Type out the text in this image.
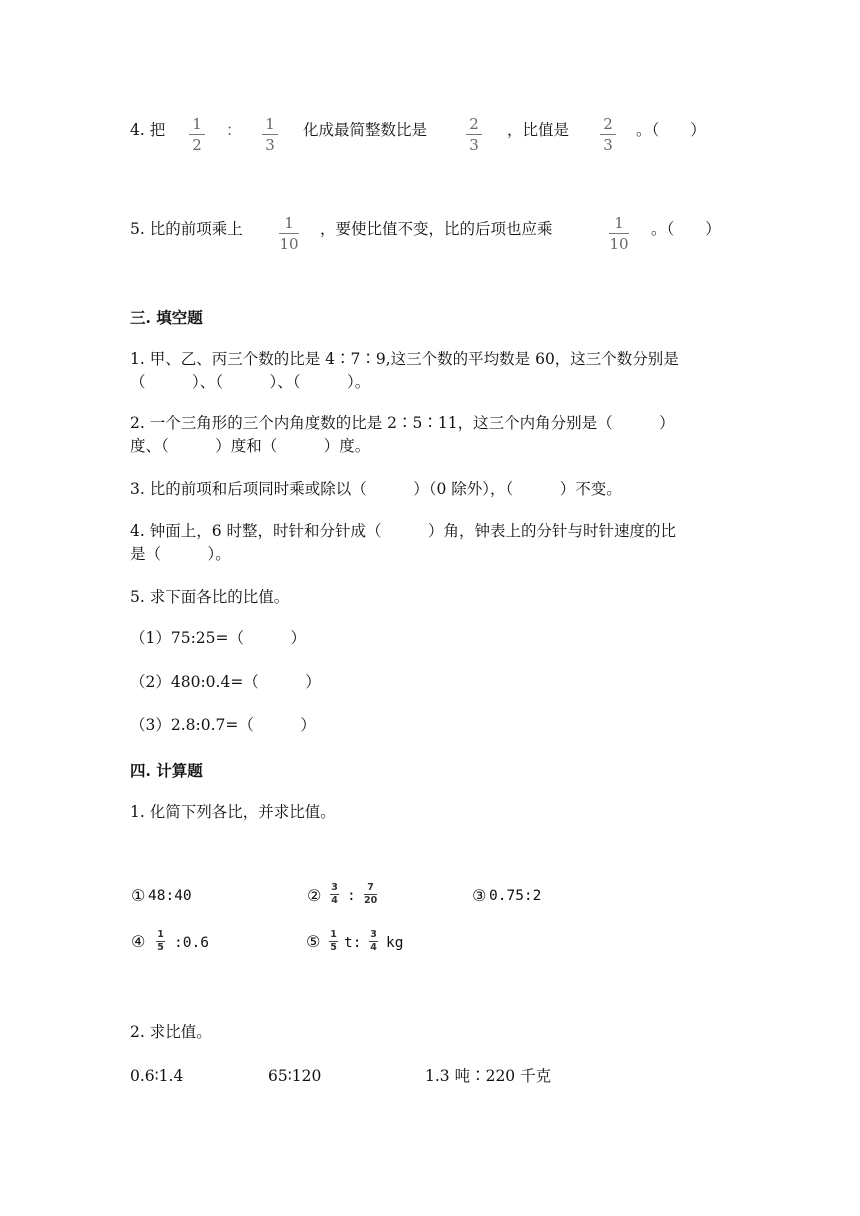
4. 把 1
2
： 1
3
化成最简整数比是	2
3
，比值是 2
3
。（　　）
5. 比的前项乘上	1
10
，要使比值不变，比的后项也应乘	1
10
。（　　）
三. 填空题
1. 甲、乙、丙三个数的比是 4∶7∶9,这三个数的平均数是 60，这三个数分别是
（　　　）、（　　　）、（　　　）。
2. 一个三角形的三个内角度数的比是 2∶5∶11，这三个内角分别是（　　　）
度、（　　　）度和（　　　）度。
3. 比的前项和后项同时乘或除以（　　　）（0 除外），（　　　）不变。
4. 钟面上，6 时整，时针和分针成（　　　）角，钟表上的分针与时针速度的比
是（　　　）。
5. 求下面各比的比值。
（1）75:25=（　　　）
（2）480:0.4=（　　　）
（3）2.8:0.7=（　　　）
四. 计算题
1. 化简下列各比，并求比值。
① 48:40	② 3
4 :
7
20	③ 0.75:2
④ 1
5 :0.6	⑤ 1
5 t:
3
4 kg
2. 求比值。
0.6∶1.4	65∶120	1.3 吨∶220 千克
